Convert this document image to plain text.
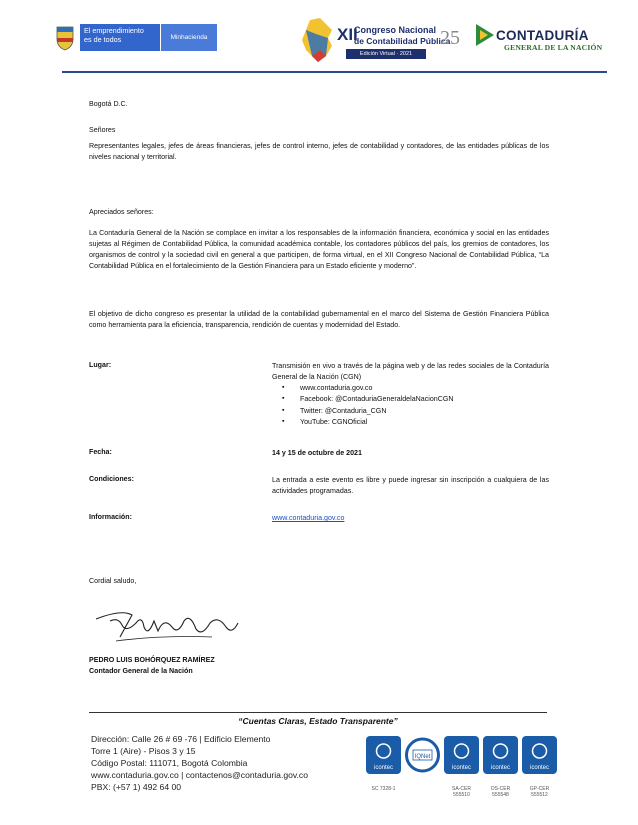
El emprendimiento
es de todos	Minhacienda	XII
Congreso Nacional
de Contabilidad Pública
Edición Virtual · 2021
25	CONTADURÍA
GENERAL DE LA NACIÓN
Bogotá D.C.
Señores
Representantes legales, jefes de áreas financieras, jefes de control interno, jefes de contabilidad y contadores, de las entidades públicas de los niveles nacional y territorial.
Apreciados señores:
La Contaduría General de la Nación se complace en invitar a los responsables de la información financiera, económica y social en las entidades sujetas al Régimen de Contabilidad Pública, la comunidad académica contable, los contadores públicos del país, los gremios de contadores, los organismos de control y la sociedad civil en general a que participen, de forma virtual, en el XII Congreso Nacional de Contabilidad Pública, “La Contabilidad Pública en el fortalecimiento de la Gestión Financiera para un Estado eficiente y moderno”.
El objetivo de dicho congreso es presentar la utilidad de la contabilidad gubernamental en el marco del Sistema de Gestión Financiera Pública como herramienta para la eficiencia, transparencia, rendición de cuentas y modernidad del Estado.
Lugar:	Transmisión en vivo a través de la página web y de las redes sociales de la Contaduría General de la Nación (CGN)
▪ www.contaduria.gov.co
▪ Facebook: @ContaduriaGeneraldelaNacionCGN
▪ Twitter: @Contaduria_CGN
▪ YouTube: CGNOficial
Fecha:	14 y 15 de octubre de 2021
Condiciones:	La entrada a este evento es libre y puede ingresar sin inscripción a cualquiera de las actividades programadas.
Información:	www.contaduria.gov.co
Cordial saludo,
PEDRO LUIS BOHÓRQUEZ RAMÍREZ
Contador General de la Nación
“Cuentas Claras, Estado Transparente”
Dirección: Calle 26 # 69 -76 | Edificio Elemento
Torre 1 (Aire) - Pisos 3 y 15
Código Postal: 111071, Bogotá Colombia
www.contaduria.gov.co | contactenos@contaduria.gov.co
PBX: (+57 1) 492 64 00
icontec
SC 7328-1
IQNet
icontec
SA-CER 555510
icontec
OS-CER 555548
icontec
GP-CER 555512
